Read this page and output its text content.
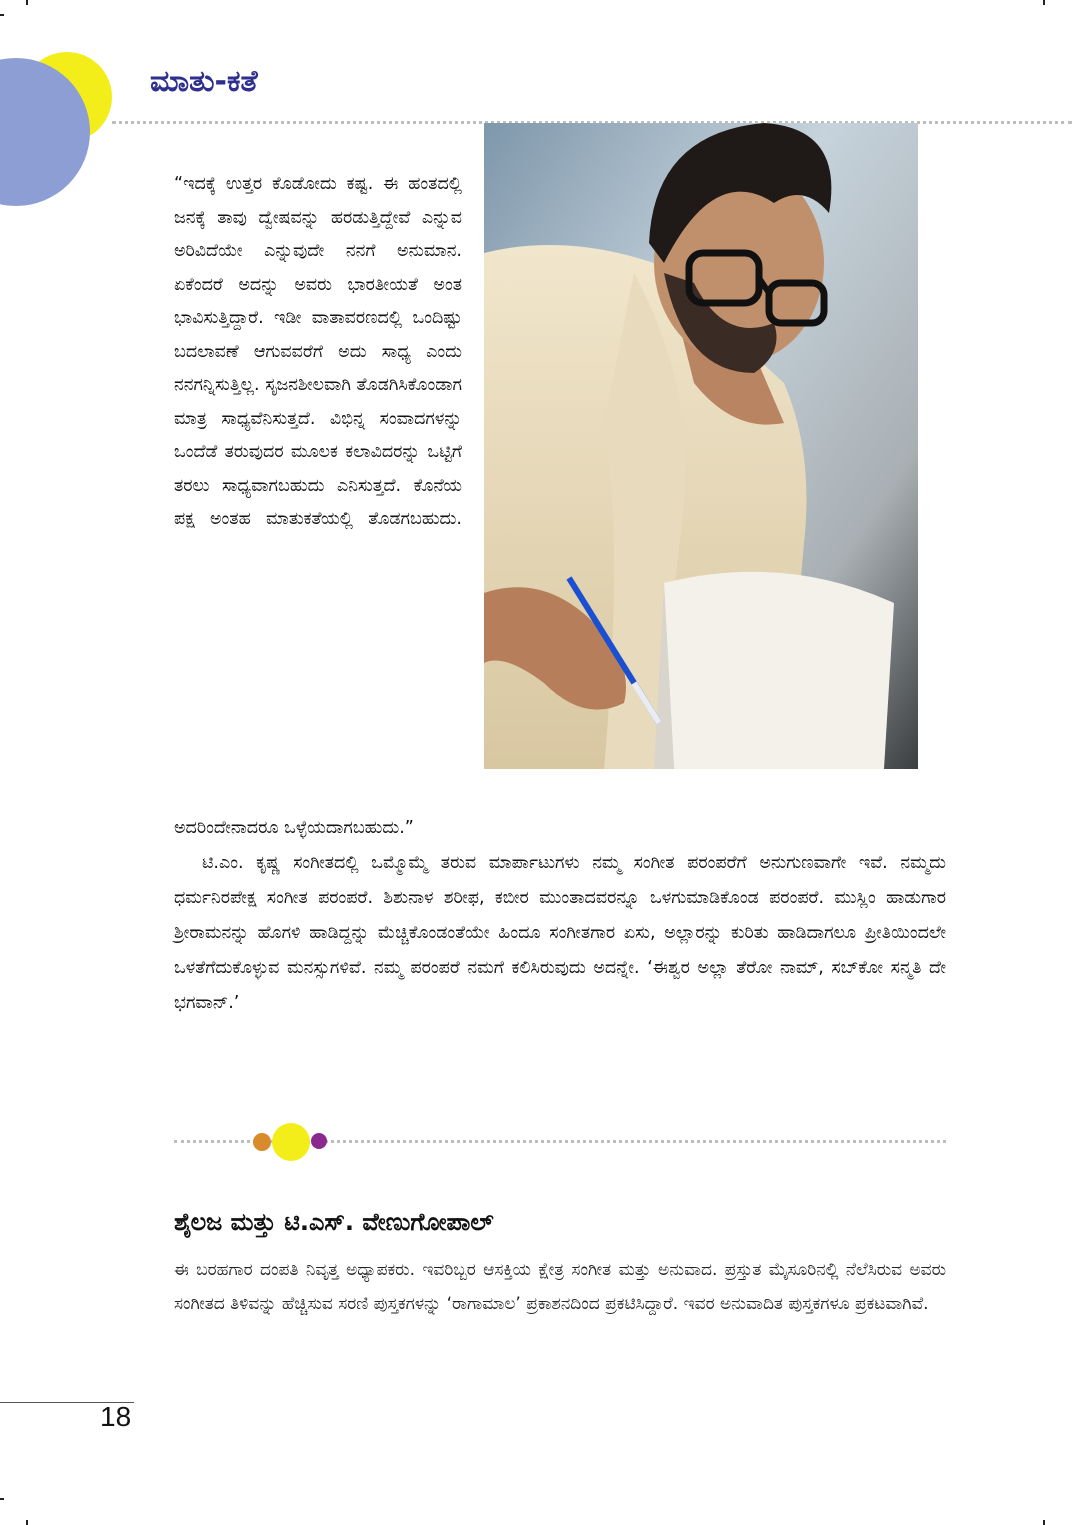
ಮಾತು-ಕತೆ

“ಇದಕ್ಕೆ ಉತ್ತರ ಕೊಡೋದು ಕಷ್ಟ. ಈ ಹಂತದಲ್ಲಿ ಜನಕ್ಕೆ ತಾವು ದ್ವೇಷವನ್ನು ಹರಡುತ್ತಿದ್ದೇವೆ ಎನ್ನುವ ಅರಿವಿದೆಯೇ ಎನ್ನುವುದೇ ನನಗೆ ಅನುಮಾನ. ಏಕೆಂದರೆ ಅದನ್ನು ಅವರು ಭಾರತೀಯತೆ ಅಂತ ಭಾವಿಸುತ್ತಿದ್ದಾರೆ. ಇಡೀ ವಾತಾವರಣದಲ್ಲಿ ಒಂದಿಷ್ಟು ಬದಲಾವಣೆ ಆಗುವವರೆಗೆ ಅದು ಸಾಧ್ಯ ಎಂದು ನನಗನ್ನಿಸುತ್ತಿಲ್ಲ. ಸೃಜನಶೀಲವಾಗಿ ತೊಡಗಿಸಿಕೊಂಡಾಗ ಮಾತ್ರ ಸಾಧ್ಯವೆನಿಸುತ್ತದೆ. ವಿಭಿನ್ನ ಸಂವಾದಗಳನ್ನು ಒಂದೆಡೆ ತರುವುದರ ಮೂಲಕ ಕಲಾವಿದರನ್ನು ಒಟ್ಟಿಗೆ ತರಲು ಸಾಧ್ಯವಾಗಬಹುದು ಎನಿಸುತ್ತದೆ. ಕೊನೆಯ ಪಕ್ಷ ಅಂತಹ ಮಾತುಕತೆಯಲ್ಲಿ ತೊಡಗಬಹುದು.

ಅದರಿಂದೇನಾದರೂ ಒಳ್ಳೆಯದಾಗಬಹುದು.”

ಟಿ.ಎಂ. ಕೃಷ್ಣ ಸಂಗೀತದಲ್ಲಿ ಒಮ್ಮೊಮ್ಮೆ ತರುವ ಮಾರ್ಪಾಟುಗಳು ನಮ್ಮ ಸಂಗೀತ ಪರಂಪರೆಗೆ ಅನುಗುಣವಾಗೇ ಇವೆ. ನಮ್ಮದು ಧರ್ಮನಿರಪೇಕ್ಷ ಸಂಗೀತ ಪರಂಪರೆ. ಶಿಶುನಾಳ ಶರೀಫ, ಕಬೀರ ಮುಂತಾದವರನ್ನೂ ಒಳಗುಮಾಡಿಕೊಂಡ ಪರಂಪರೆ. ಮುಸ್ಲಿಂ ಹಾಡುಗಾರ ಶ್ರೀರಾಮನನ್ನು ಹೊಗಳಿ ಹಾಡಿದ್ದನ್ನು ಮೆಚ್ಚಿಕೊಂಡಂತೆಯೇ ಹಿಂದೂ ಸಂಗೀತಗಾರ ಏಸು, ಅಲ್ಲಾರನ್ನು ಕುರಿತು ಹಾಡಿದಾಗಲೂ ಪ್ರೀತಿಯಿಂದಲೇ ಒಳತೆಗೆದುಕೊಳ್ಳುವ ಮನಸ್ಸುಗಳಿವೆ. ನಮ್ಮ ಪರಂಪರೆ ನಮಗೆ ಕಲಿಸಿರುವುದು ಅದನ್ನೇ. ‘ಈಶ್ವರ ಅಲ್ಲಾ ತೆರೋ ನಾಮ್, ಸಬ್‌ಕೋ ಸನ್ಮತಿ ದೇ ಭಗವಾನ್.’

ಶೈಲಜ ಮತ್ತು ಟಿ.ಎಸ್. ವೇಣುಗೋಪಾಲ್

ಈ ಬರಹಗಾರ ದಂಪತಿ ನಿವೃತ್ತ ಅಧ್ಯಾಪಕರು. ಇವರಿಬ್ಬರ ಆಸಕ್ತಿಯ ಕ್ಷೇತ್ರ ಸಂಗೀತ ಮತ್ತು ಅನುವಾದ. ಪ್ರಸ್ತುತ ಮೈಸೂರಿನಲ್ಲಿ ನೆಲೆಸಿರುವ ಅವರು ಸಂಗೀತದ ತಿಳಿವನ್ನು ಹೆಚ್ಚಿಸುವ ಸರಣಿ ಪುಸ್ತಕಗಳನ್ನು ‘ರಾಗಾಮಾಲ’ ಪ್ರಕಾಶನದಿಂದ ಪ್ರಕಟಿಸಿದ್ದಾರೆ. ಇವರ ಅನುವಾದಿತ ಪುಸ್ತಕಗಳೂ ಪ್ರಕಟವಾಗಿವೆ.

18
